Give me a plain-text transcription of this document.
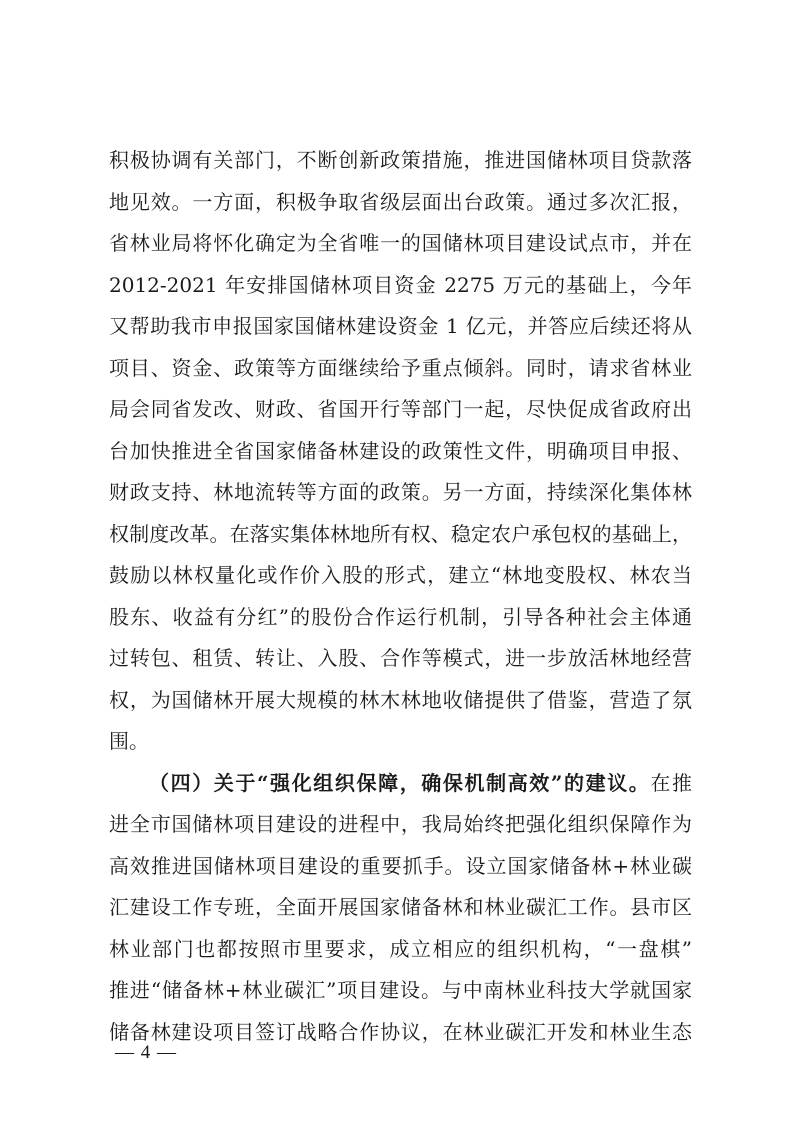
积极协调有关部门，不断创新政策措施，推进国储林项目贷款落
地见效。一方面，积极争取省级层面出台政策。通过多次汇报，
省林业局将怀化确定为全省唯一的国储林项目建设试点市，并在
2012-2021 年安排国储林项目资金 2275 万元的基础上，今年
又帮助我市申报国家国储林建设资金 1 亿元，并答应后续还将从
项目、资金、政策等方面继续给予重点倾斜。同时，请求省林业
局会同省发改、财政、省国开行等部门一起，尽快促成省政府出
台加快推进全省国家储备林建设的政策性文件，明确项目申报、
财政支持、林地流转等方面的政策。另一方面，持续深化集体林
权制度改革。在落实集体林地所有权、稳定农户承包权的基础上，
鼓励以林权量化或作价入股的形式，建立“林地变股权、林农当
股东、收益有分红”的股份合作运行机制，引导各种社会主体通
过转包、租赁、转让、入股、合作等模式，进一步放活林地经营
权，为国储林开展大规模的林木林地收储提供了借鉴，营造了氛
围。
（四）关于“强化组织保障，确保机制高效”的建议。在推
进全市国储林项目建设的进程中，我局始终把强化组织保障作为
高效推进国储林项目建设的重要抓手。设立国家储备林+林业碳
汇建设工作专班，全面开展国家储备林和林业碳汇工作。县市区
林业部门也都按照市里要求，成立相应的组织机构，“一盘棋”
推进“储备林+林业碳汇”项目建设。与中南林业科技大学就国家
储备林建设项目签订战略合作协议，在林业碳汇开发和林业生态
— 4 —
